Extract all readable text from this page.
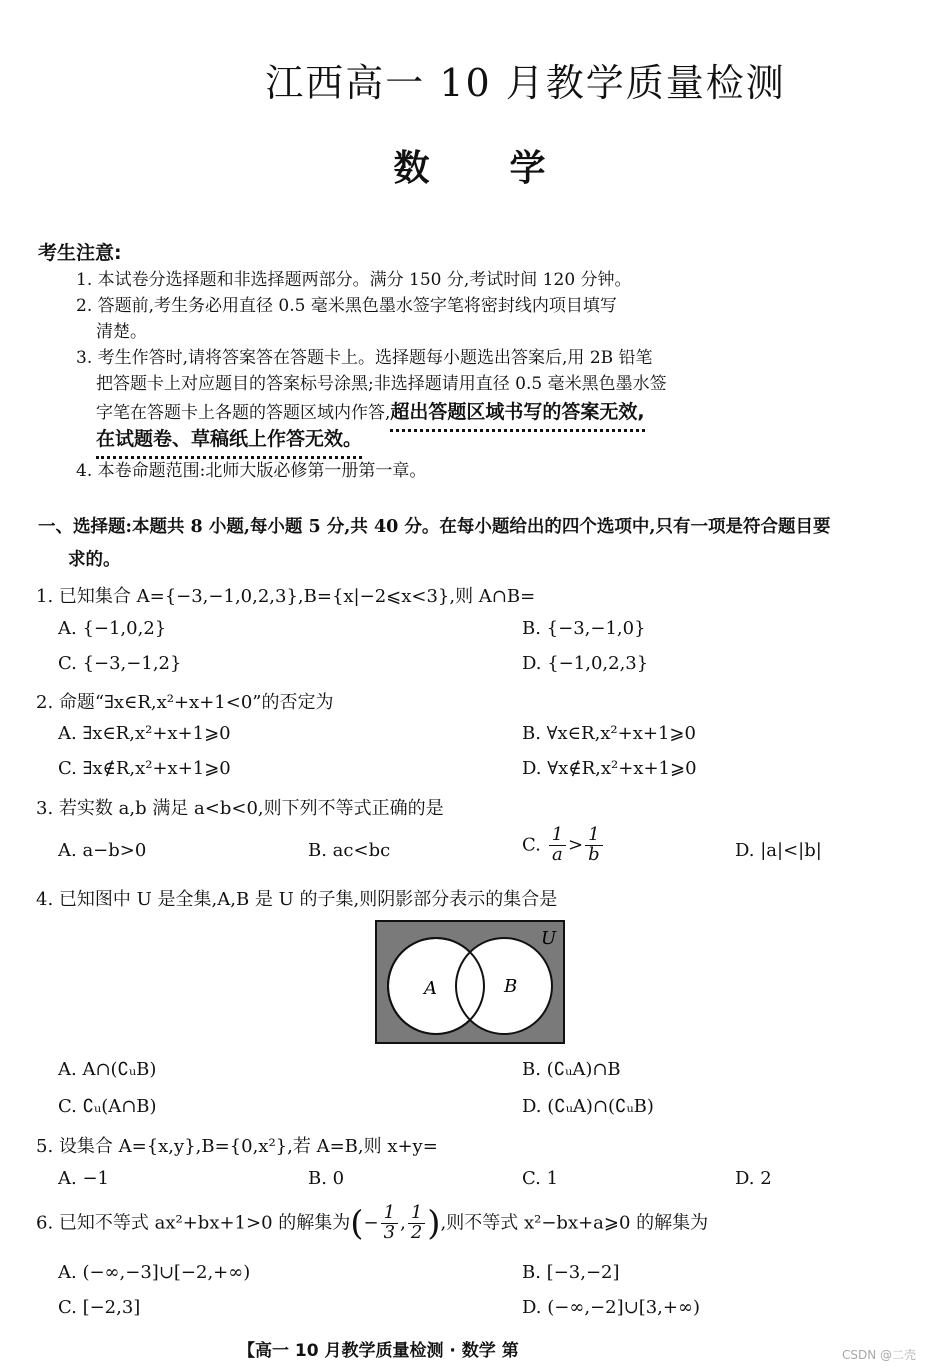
江西高一 10 月教学质量检测
数学
考生注意:
1. 本试卷分选择题和非选择题两部分。满分 150 分,考试时间 120 分钟。
2. 答题前,考生务必用直径 0.5 毫米黑色墨水签字笔将密封线内项目填写
清楚。
3. 考生作答时,请将答案答在答题卡上。选择题每小题选出答案后,用 2B 铅笔
把答题卡上对应题目的答案标号涂黑;非选择题请用直径 0.5 毫米黑色墨水签
字笔在答题卡上各题的答题区域内作答,超出答题区域书写的答案无效,
在试题卷、草稿纸上作答无效。
4. 本卷命题范围:北师大版必修第一册第一章。
一、选择题:本题共 8 小题,每小题 5 分,共 40 分。在每小题给出的四个选项中,只有一项是符合题目要
求的。
1. 已知集合 A={−3,−1,0,2,3},B={x|−2⩽x<3},则 A∩B=
A. {−1,0,2}	B. {−3,−1,0}
C. {−3,−1,2}	D. {−1,0,2,3}
2. 命题“∃x∈R,x²+x+1<0”的否定为
A. ∃x∈R,x²+x+1⩾0	B. ∀x∈R,x²+x+1⩾0
C. ∃x∉R,x²+x+1⩾0	D. ∀x∉R,x²+x+1⩾0
3. 若实数 a,b 满足 a<b<0,则下列不等式正确的是
A. a−b>0	B. ac<bc	C. $\frac{1}{a} > \frac{1}{b}$	D. |a|<|b|
4. 已知图中 U 是全集,A,B 是 U 的子集,则阴影部分表示的集合是
U
A	B
A. A∩(∁ᵤB)	B. (∁ᵤA)∩B
C. ∁ᵤ(A∩B)	D. (∁ᵤA)∩(∁ᵤB)
5. 设集合 A={x,y},B={0,x²},若 A=B,则 x+y=
A. −1	B. 0	C. 1	D. 2
6. 已知不等式 ax²+bx+1>0 的解集为(− $\frac{1}{3}$ , $\frac{1}{2}$ ),则不等式 x²−bx+a⩾0 的解集为
A. (−∞,−3]∪[−2,+∞)	B. [−3,−2]
C. [−2,3]	D. (−∞,−2]∪[3,+∞)
【高一 10 月教学质量检测 · 数学 第	CSDN @二壳
